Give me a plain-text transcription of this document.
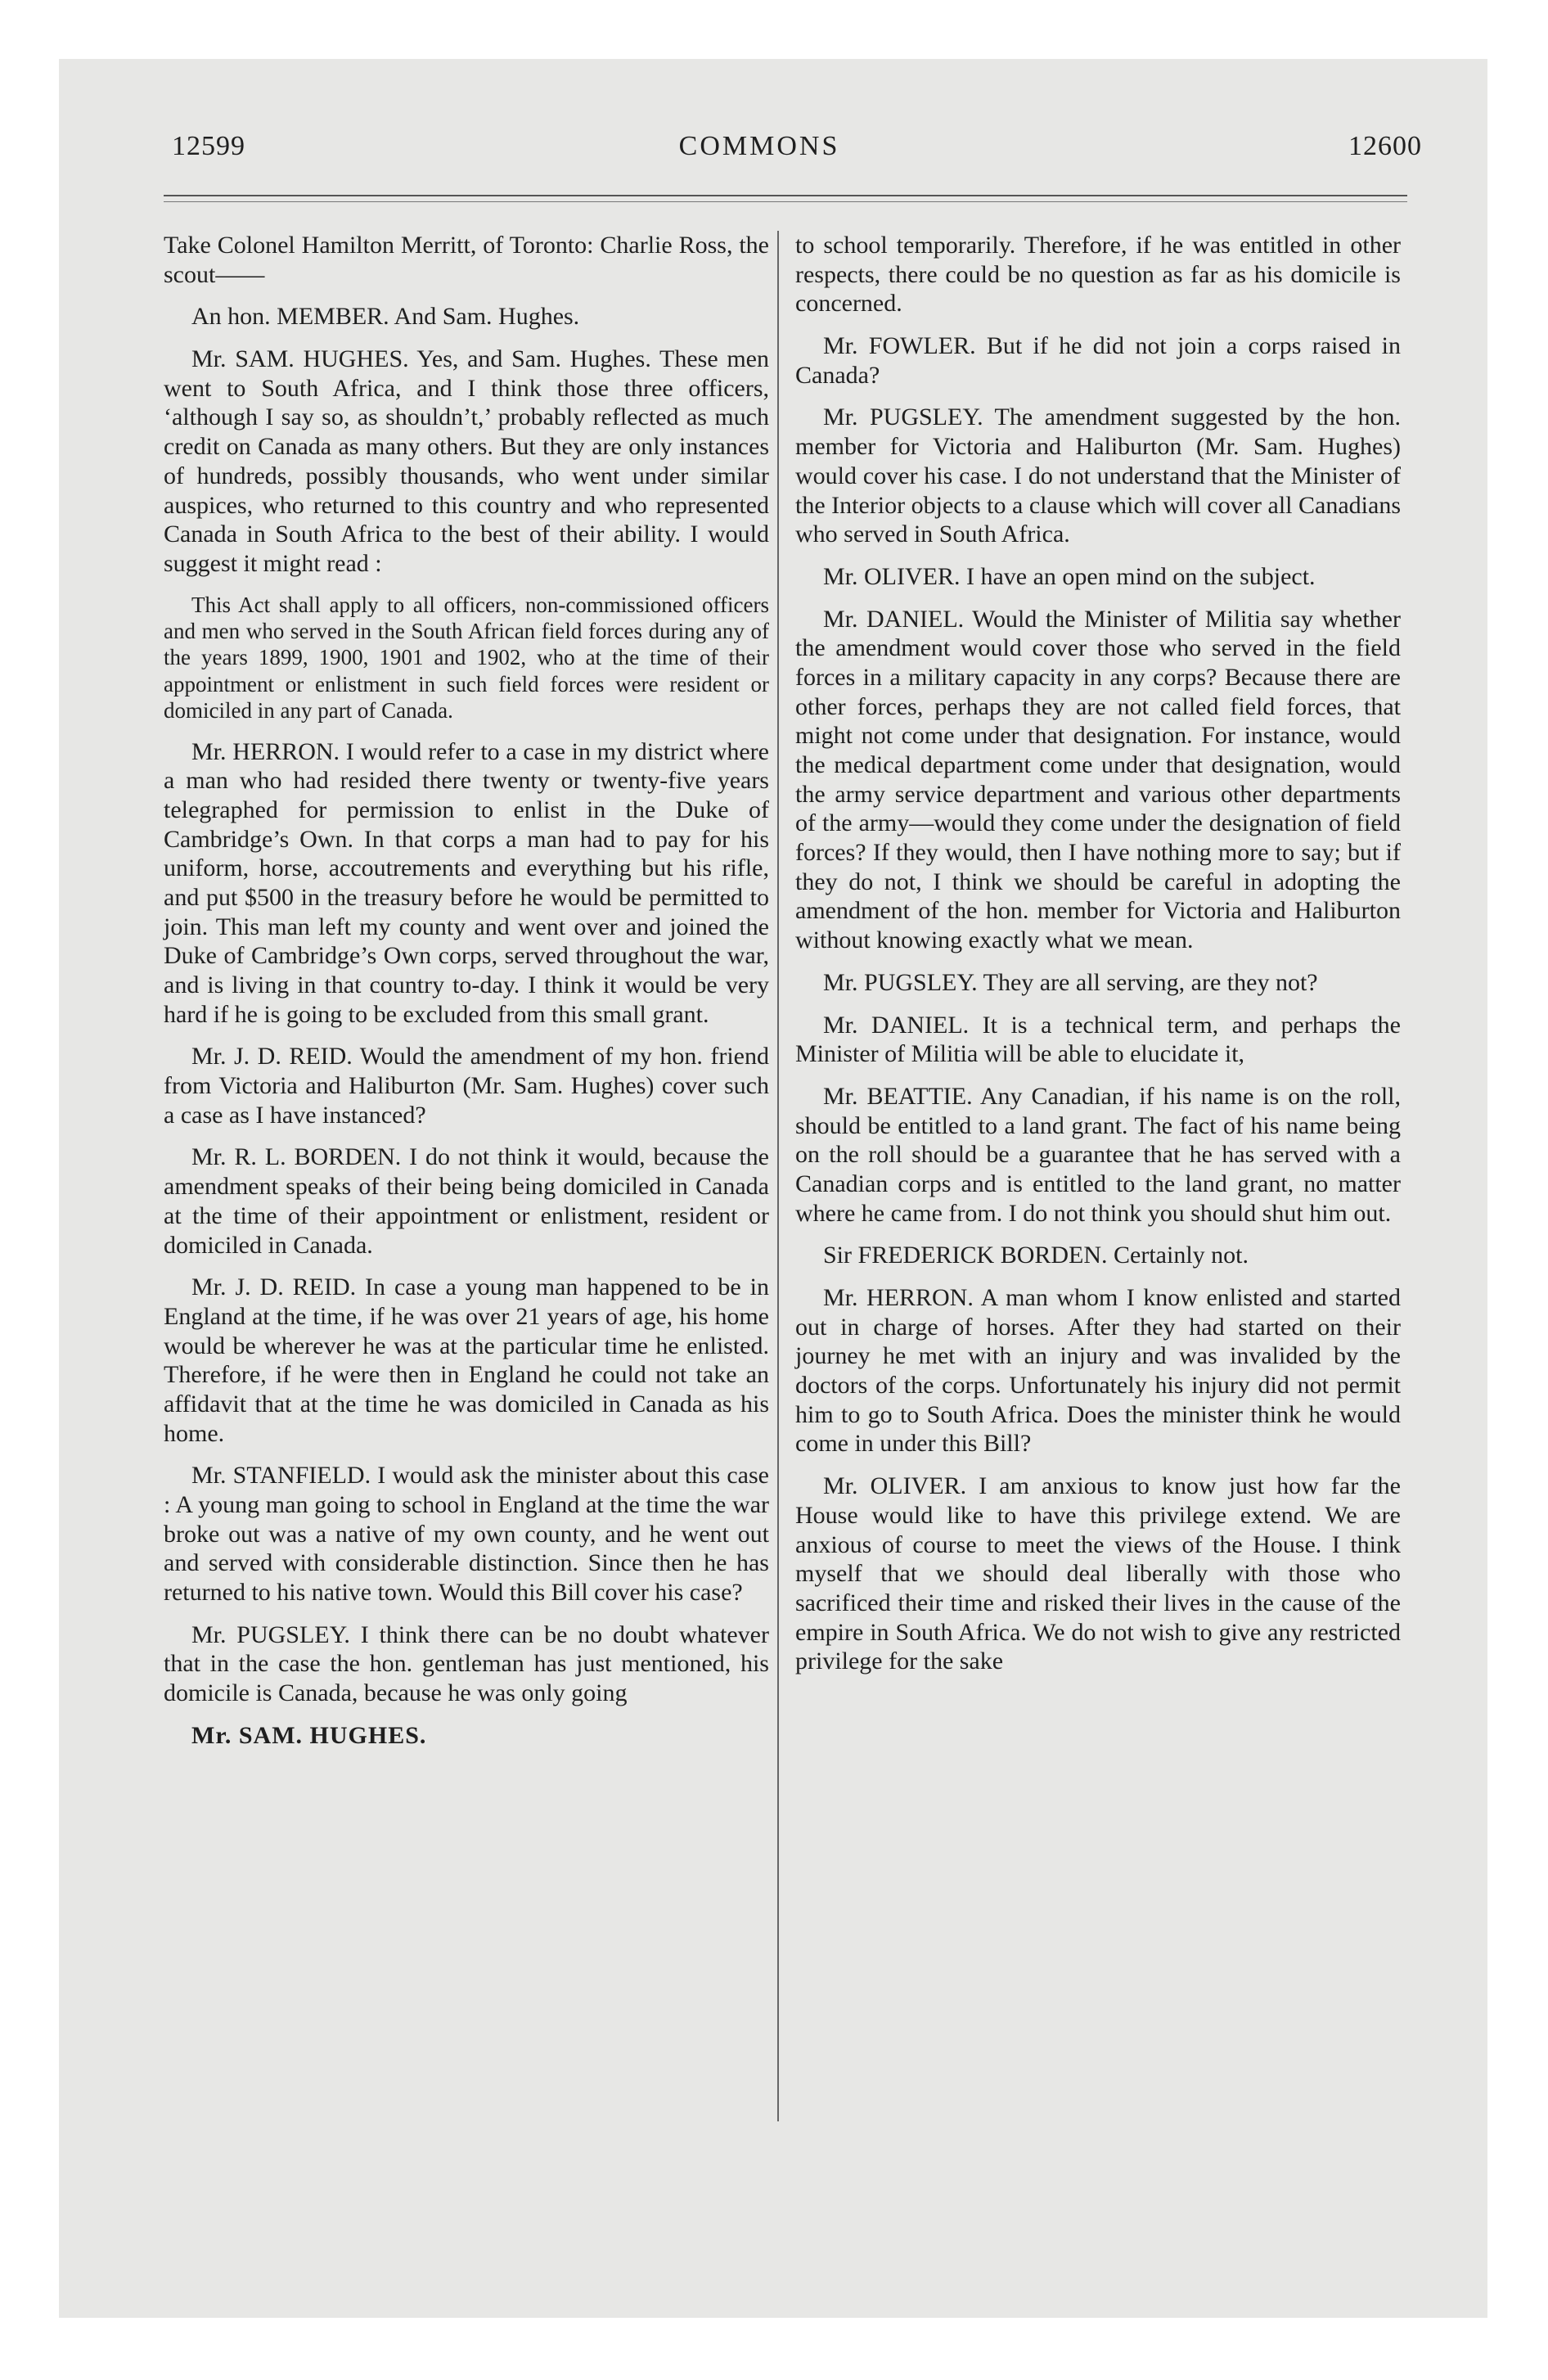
12599	COMMONS	12600

Take Colonel Hamilton Merritt, of Toronto: Charlie Ross, the scout——

An hon. MEMBER. And Sam. Hughes.

Mr. SAM. HUGHES. Yes, and Sam. Hughes. These men went to South Africa, and I think those three officers, ‘although I say so, as shouldn’t,’ probably reflected as much credit on Canada as many others. But they are only instances of hundreds, possibly thousands, who went under similar auspices, who returned to this country and who represented Canada in South Africa to the best of their ability. I would suggest it might read :

This Act shall apply to all officers, non-commissioned officers and men who served in the South African field forces during any of the years 1899, 1900, 1901 and 1902, who at the time of their appointment or enlistment in such field forces were resident or domiciled in any part of Canada.

Mr. HERRON. I would refer to a case in my district where a man who had resided there twenty or twenty-five years telegraphed for permission to enlist in the Duke of Cambridge’s Own. In that corps a man had to pay for his uniform, horse, accoutrements and everything but his rifle, and put $500 in the treasury before he would be permitted to join. This man left my county and went over and joined the Duke of Cambridge’s Own corps, served throughout the war, and is living in that country to-day. I think it would be very hard if he is going to be excluded from this small grant.

Mr. J. D. REID. Would the amendment of my hon. friend from Victoria and Haliburton (Mr. Sam. Hughes) cover such a case as I have instanced?

Mr. R. L. BORDEN. I do not think it would, because the amendment speaks of their being being domiciled in Canada at the time of their appointment or enlistment, resident or domiciled in Canada.

Mr. J. D. REID. In case a young man happened to be in England at the time, if he was over 21 years of age, his home would be wherever he was at the particular time he enlisted. Therefore, if he were then in England he could not take an affidavit that at the time he was domiciled in Canada as his home.

Mr. STANFIELD. I would ask the minister about this case : A young man going to school in England at the time the war broke out was a native of my own county, and he went out and served with considerable distinction. Since then he has returned to his native town. Would this Bill cover his case?

Mr. PUGSLEY. I think there can be no doubt whatever that in the case the hon. gentleman has just mentioned, his domicile is Canada, because he was only going

Mr. SAM. HUGHES.

to school temporarily. Therefore, if he was entitled in other respects, there could be no question as far as his domicile is concerned.

Mr. FOWLER. But if he did not join a corps raised in Canada?

Mr. PUGSLEY. The amendment suggested by the hon. member for Victoria and Haliburton (Mr. Sam. Hughes) would cover his case. I do not understand that the Minister of the Interior objects to a clause which will cover all Canadians who served in South Africa.

Mr. OLIVER. I have an open mind on the subject.

Mr. DANIEL. Would the Minister of Militia say whether the amendment would cover those who served in the field forces in a military capacity in any corps? Because there are other forces, perhaps they are not called field forces, that might not come under that designation. For instance, would the medical department come under that designation, would the army service department and various other departments of the army—would they come under the designation of field forces? If they would, then I have nothing more to say; but if they do not, I think we should be careful in adopting the amendment of the hon. member for Victoria and Haliburton without knowing exactly what we mean.

Mr. PUGSLEY. They are all serving, are they not?

Mr. DANIEL. It is a technical term, and perhaps the Minister of Militia will be able to elucidate it,

Mr. BEATTIE. Any Canadian, if his name is on the roll, should be entitled to a land grant. The fact of his name being on the roll should be a guarantee that he has served with a Canadian corps and is entitled to the land grant, no matter where he came from. I do not think you should shut him out.

Sir FREDERICK BORDEN. Certainly not.

Mr. HERRON. A man whom I know enlisted and started out in charge of horses. After they had started on their journey he met with an injury and was invalided by the doctors of the corps. Unfortunately his injury did not permit him to go to South Africa. Does the minister think he would come in under this Bill?

Mr. OLIVER. I am anxious to know just how far the House would like to have this privilege extend. We are anxious of course to meet the views of the House. I think myself that we should deal liberally with those who sacrificed their time and risked their lives in the cause of the empire in South Africa. We do not wish to give any restricted privilege for the sake
